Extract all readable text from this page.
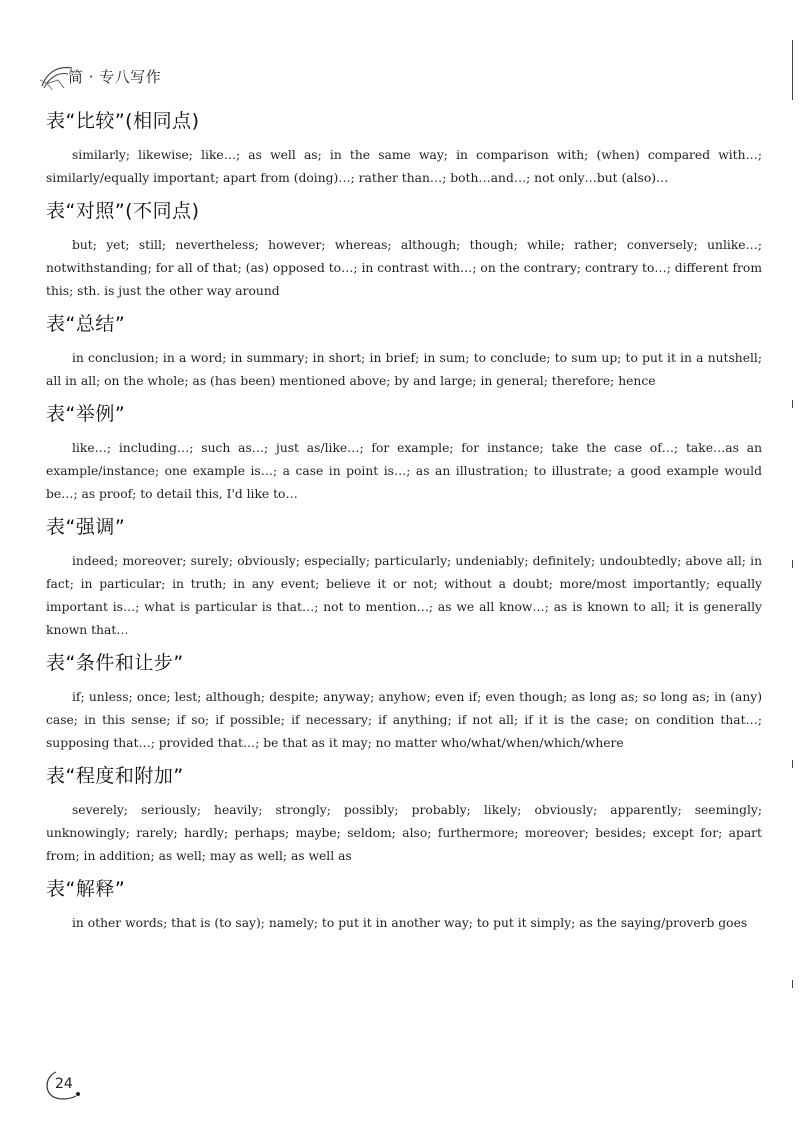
简 · 专八写作
表“比较”(相同点)

similarly; likewise; like…; as well as; in the same way; in comparison with; (when) compared with…; similarly/equally important; apart from (doing)…; rather than…; both…and…; not only…but (also)…

表“对照”(不同点)

but; yet; still; nevertheless; however; whereas; although; though; while; rather; conversely; unlike…; notwithstanding; for all of that; (as) opposed to…; in contrast with…; on the contrary; contrary to…; different from this; sth. is just the other way around

表“总结”

in conclusion; in a word; in summary; in short; in brief; in sum; to conclude; to sum up; to put it in a nutshell; all in all; on the whole; as (has been) mentioned above; by and large; in general; therefore; hence

表“举例”

like…; including…; such as…; just as/like…; for example; for instance; take the case of…; take…as an example/instance; one example is…; a case in point is…; as an illustration; to illustrate; a good example would be…; as proof; to detail this, I'd like to…

表“强调”

indeed; moreover; surely; obviously; especially; particularly; undeniably; definitely; undoubtedly; above all; in fact; in particular; in truth; in any event; believe it or not; without a doubt; more/most importantly; equally important is…; what is particular is that…; not to mention…; as we all know…; as is known to all; it is generally known that…

表“条件和让步”

if; unless; once; lest; although; despite; anyway; anyhow; even if; even though; as long as; so long as; in (any) case; in this sense; if so; if possible; if necessary; if anything; if not all; if it is the case; on condition that…; supposing that…; provided that…; be that as it may; no matter who/what/when/which/where

表“程度和附加”

severely; seriously; heavily; strongly; possibly; probably; likely; obviously; apparently; seemingly; unknowingly; rarely; hardly; perhaps; maybe; seldom; also; furthermore; moreover; besides; except for; apart from; in addition; as well; may as well; as well as

表“解释”

in other words; that is (to say); namely; to put it in another way; to put it simply; as the saying/proverb goes

24
